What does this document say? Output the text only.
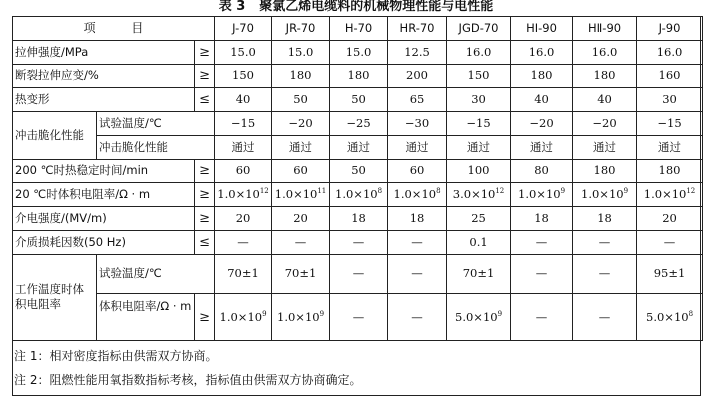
表 3 聚氯乙烯电缆料的机械物理性能与电性能
项 目			J-70	JR-70	H-70	HR-70	JGD-70	HⅠ-90	HⅡ-90	J-90
拉伸强度/MPa		≥	15.0	15.0	15.0	12.5	16.0	16.0	16.0	16.0
断裂拉伸应变/%		≥	150	180	180	200	150	180	180	160
热变形		≤	40	50	50	65	30	40	40	30
冲击脆化性能	试验温度/℃		−15	−20	−25	−30	−15	−20	−20	−15
	冲击脆化性能		通过	通过	通过	通过	通过	通过	通过	通过
200 ℃时热稳定时间/min		≥	60	60	50	60	100	80	180	180
20 ℃时体积电阻率/Ω · m		≥	$1.0\times 10^{12}$	$1.0\times 10^{11}$	$1.0\times 10^8$	$1.0\times 10^8$	$3.0\times 10^{12}$	$1.0\times 10^9$	$1.0\times 10^9$	$1.0\times 10^{12}$
介电强度/(MV/m)		≥	20	20	18	18	25	18	18	20
介质损耗因数(50 Hz)		≤	—	—	—	—	0.1	—	—	—
工作温度时体积电阻率	试验温度/℃		70±1	70±1	—	—	70±1	—	—	95±1
	体积电阻率/Ω · m	≥	$1.0\times 10^9$	$1.0\times 10^9$	—	—	$5.0\times 10^9$	—	—	$5.0\times 10^8$
注 1：相对密度指标由供需双方协商。
注 2：阻燃性能用氧指数指标考核，指标值由供需双方协商确定。
